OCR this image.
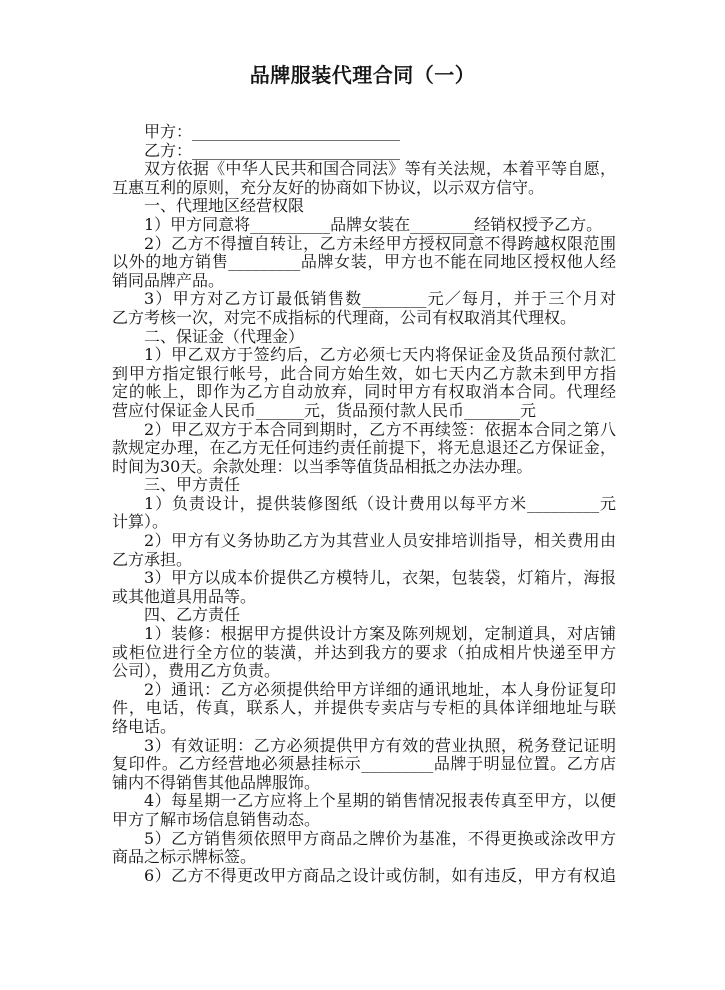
品牌服装代理合同（一）
甲方：__________________________
乙方：__________________________
双方依据《中华人民共和国合同法》等有关法规，本着平等自愿，
互惠互利的原则，充分友好的协商如下协议，以示双方信守。
一、代理地区经营权限
1）甲方同意将__________品牌女装在________经销权授予乙方。
2）乙方不得擅自转让，乙方未经甲方授权同意不得跨越权限范围
以外的地方销售_________品牌女装，甲方也不能在同地区授权他人经
销同品牌产品。
3）甲方对乙方订最低销售数________元／每月，并于三个月对
乙方考核一次，对完不成指标的代理商，公司有权取消其代理权。
二、保证金（代理金）
1）甲乙双方于签约后，乙方必须七天内将保证金及货品预付款汇
到甲方指定银行帐号，此合同方始生效，如七天内乙方款未到甲方指
定的帐上，即作为乙方自动放弃，同时甲方有权取消本合同。代理经
营应付保证金人民币______元，货品预付款人民币_______元
2）甲乙双方于本合同到期时，乙方不再续签：依据本合同之第八
款规定办理，在乙方无任何违约责任前提下，将无息退还乙方保证金，
时间为30天。余款处理：以当季等值货品相抵之办法办理。
三、甲方责任
1）负责设计，提供装修图纸（设计费用以每平方米_________元
计算）。
2）甲方有义务协助乙方为其营业人员安排培训指导，相关费用由
乙方承担。
3）甲方以成本价提供乙方模特儿，衣架，包装袋，灯箱片，海报
或其他道具用品等。
四、乙方责任
1）装修：根据甲方提供设计方案及陈列规划，定制道具，对店铺
或柜位进行全方位的装潢，并达到我方的要求（拍成相片快递至甲方
公司），费用乙方负责。
2）通讯：乙方必须提供给甲方详细的通讯地址，本人身份证复印
件，电话，传真，联系人，并提供专卖店与专柜的具体详细地址与联
络电话。
3）有效证明：乙方必须提供甲方有效的营业执照，税务登记证明
复印件。乙方经营地必须悬挂标示_________品牌于明显位置。乙方店
铺内不得销售其他品牌服饰。
4）每星期一乙方应将上个星期的销售情况报表传真至甲方，以便
甲方了解市场信息销售动态。
5）乙方销售须依照甲方商品之牌价为基准，不得更换或涂改甲方
商品之标示牌标签。
6）乙方不得更改甲方商品之设计或仿制，如有违反，甲方有权追
